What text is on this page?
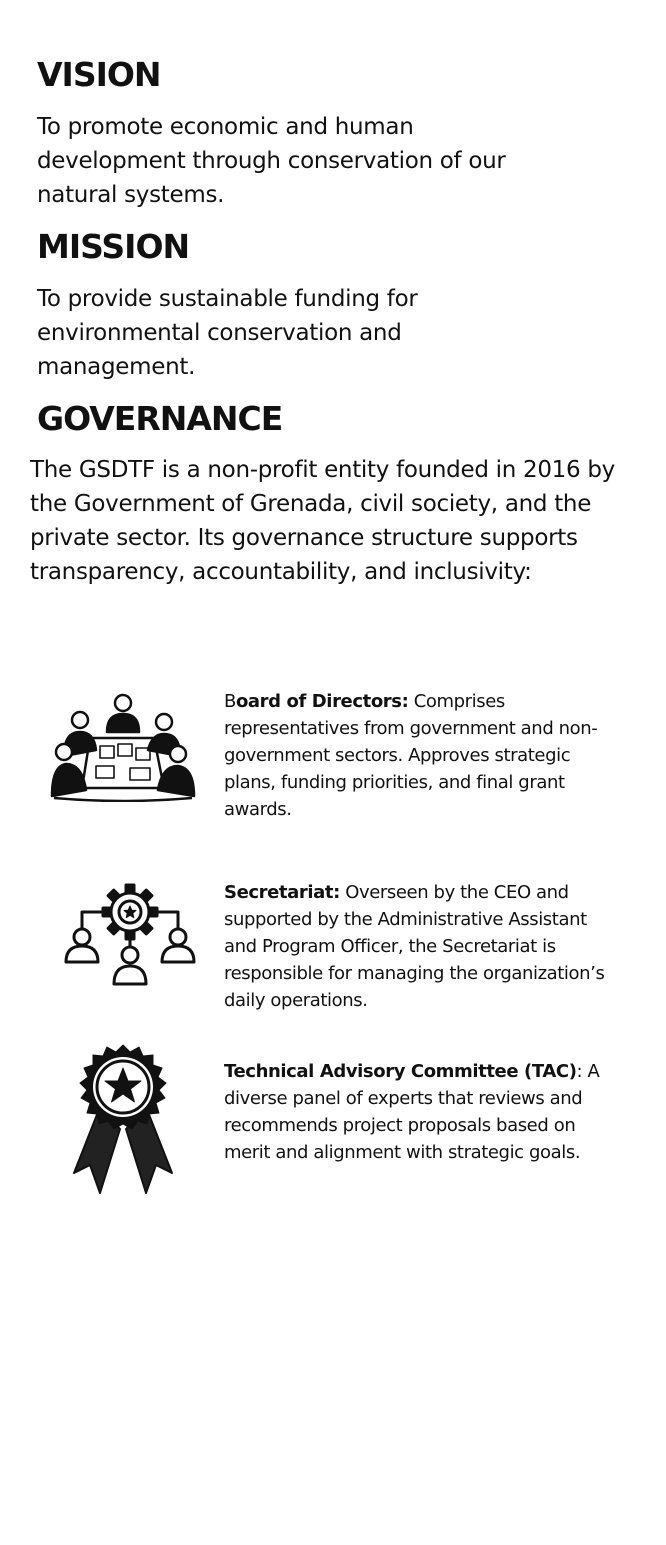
VISION

To promote economic and human development through conservation of our natural systems.

MISSION

To provide sustainable funding for environmental conservation and management.

GOVERNANCE

The GSDTF is a non-profit entity founded in 2016 by the Government of Grenada, civil society, and the private sector. Its governance structure supports transparency, accountability, and inclusivity:

Board of Directors: Comprises representatives from government and non-government sectors. Approves strategic plans, funding priorities, and final grant awards.

Secretariat: Overseen by the CEO and supported by the Administrative Assistant and Program Officer, the Secretariat is responsible for managing the organization’s daily operations.

Technical Advisory Committee (TAC): A diverse panel of experts that reviews and recommends project proposals based on merit and alignment with strategic goals.
